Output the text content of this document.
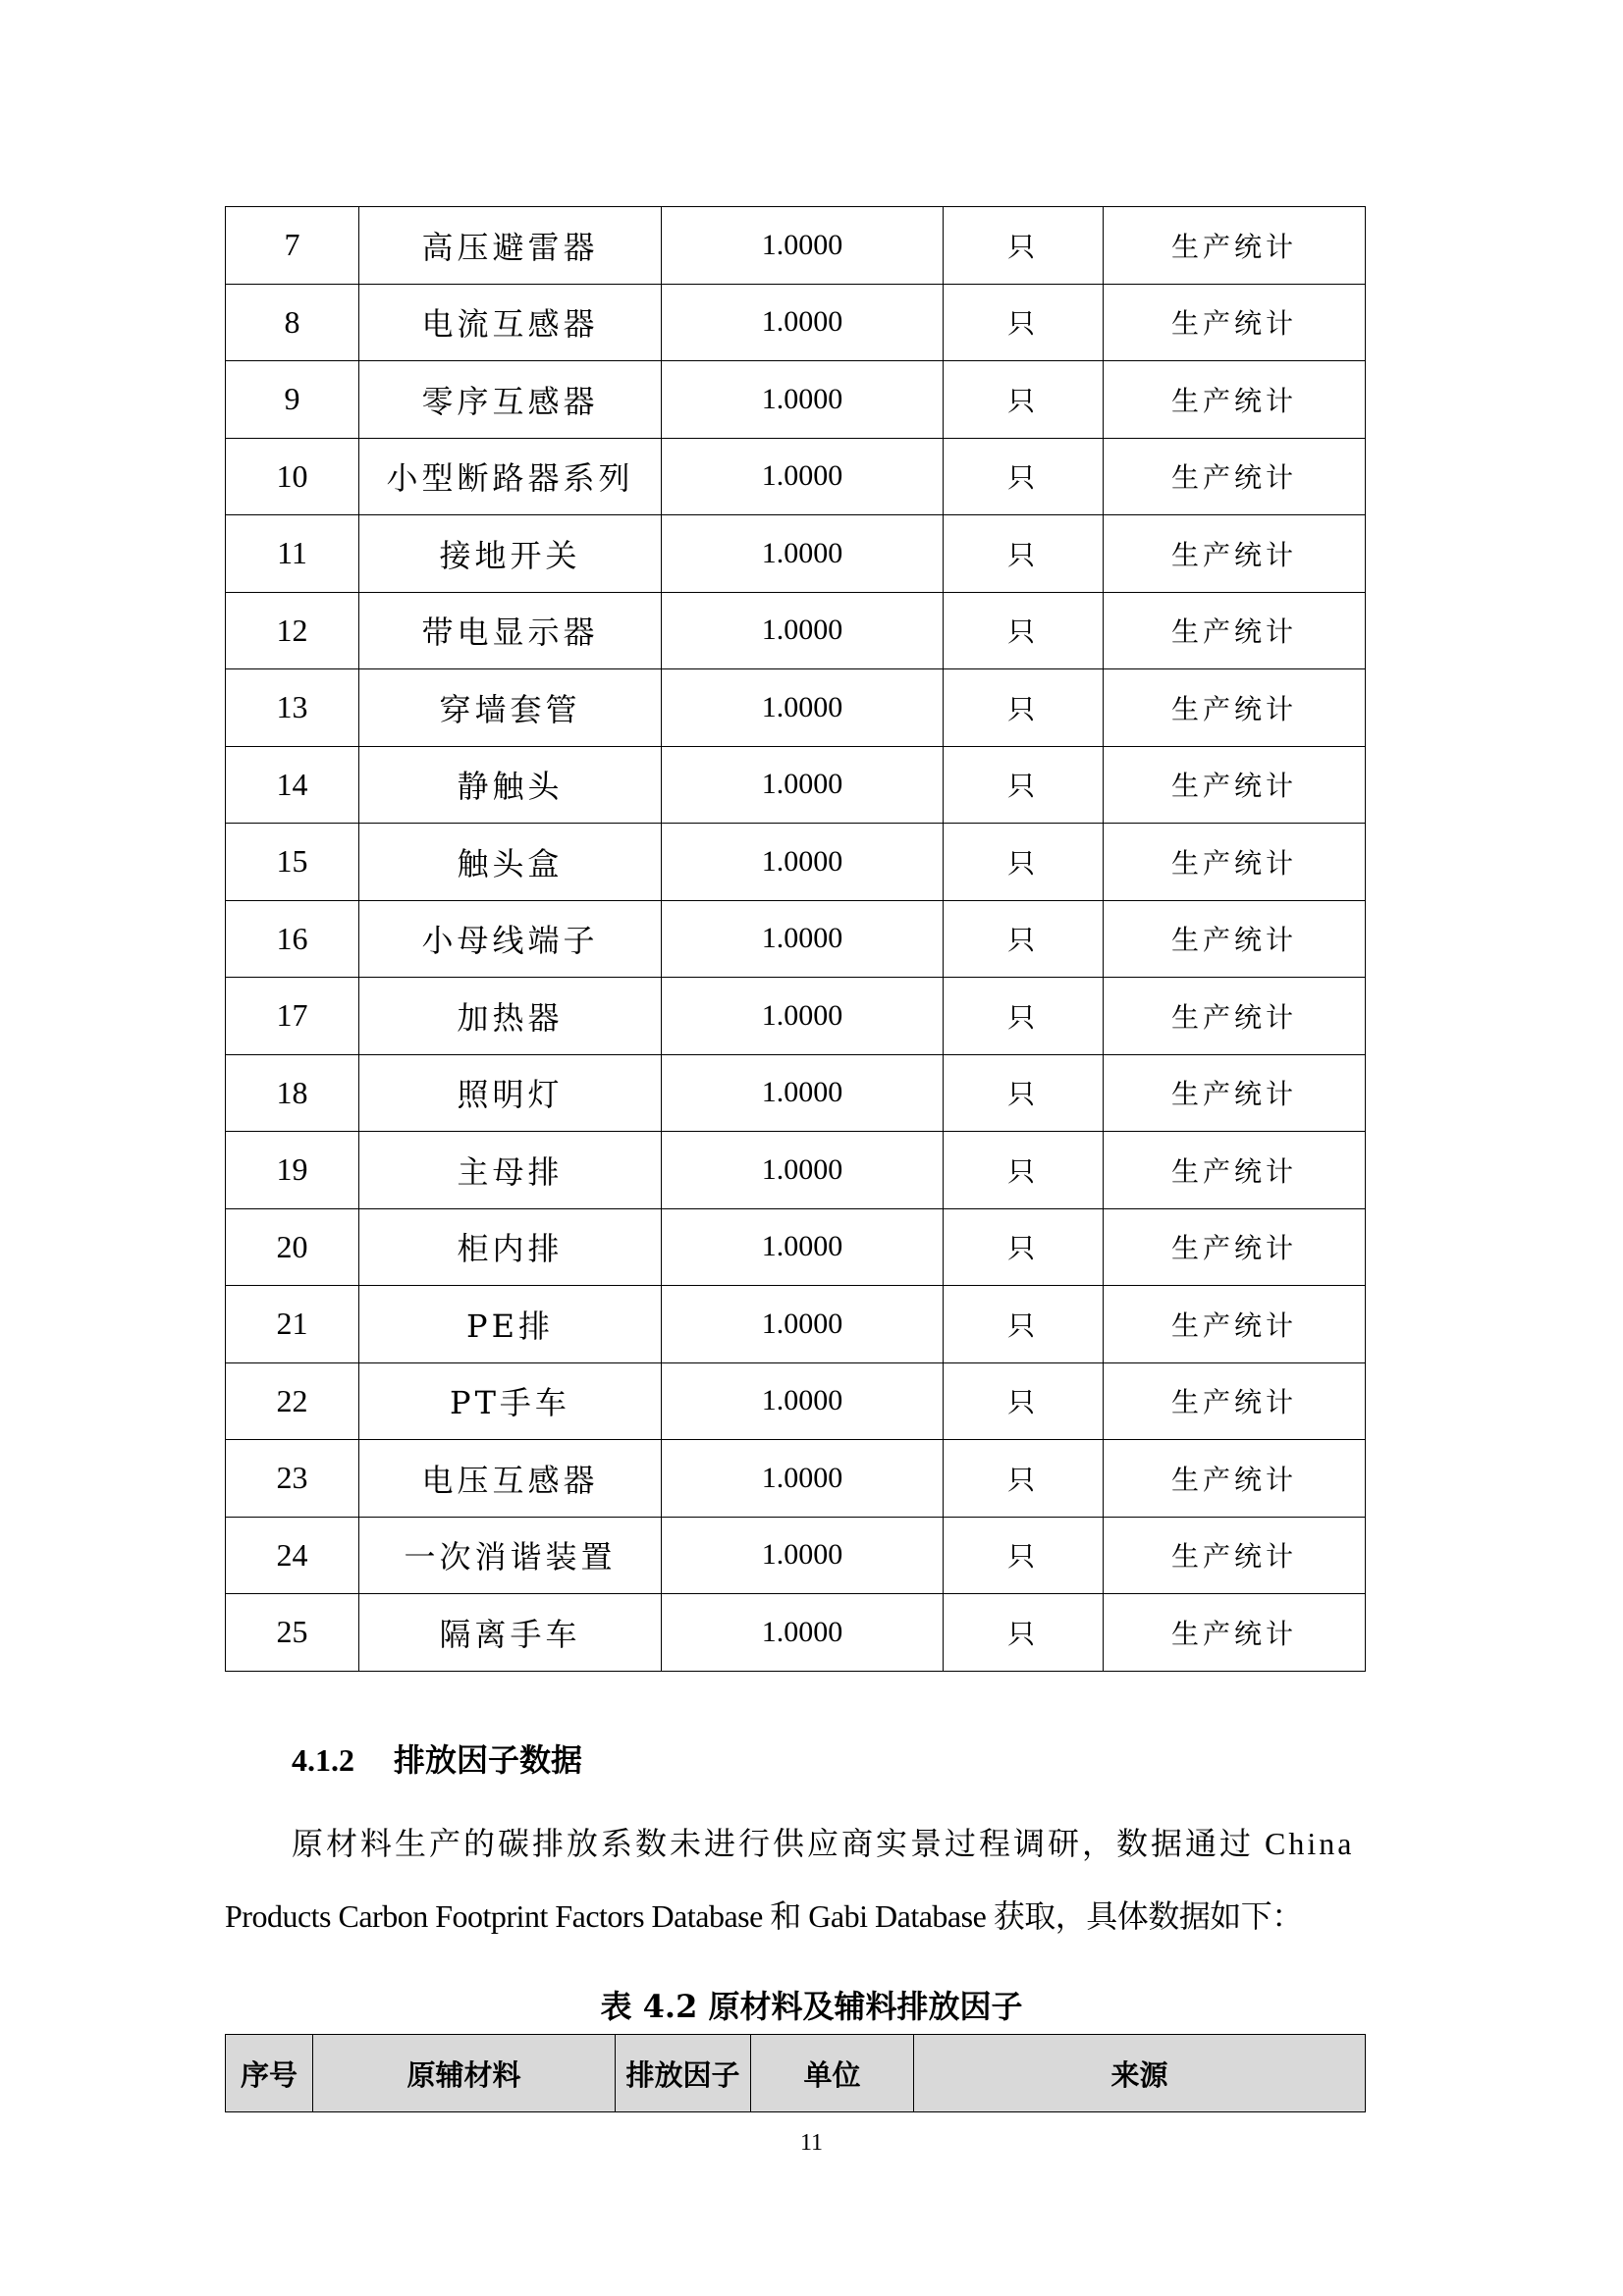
7	高压避雷器	1.0000	只	生产统计
8	电流互感器	1.0000	只	生产统计
9	零序互感器	1.0000	只	生产统计
10	小型断路器系列	1.0000	只	生产统计
11	接地开关	1.0000	只	生产统计
12	带电显示器	1.0000	只	生产统计
13	穿墙套管	1.0000	只	生产统计
14	静触头	1.0000	只	生产统计
15	触头盒	1.0000	只	生产统计
16	小母线端子	1.0000	只	生产统计
17	加热器	1.0000	只	生产统计
18	照明灯	1.0000	只	生产统计
19	主母排	1.0000	只	生产统计
20	柜内排	1.0000	只	生产统计
21	PE排	1.0000	只	生产统计
22	PT手车	1.0000	只	生产统计
23	电压互感器	1.0000	只	生产统计
24	一次消谐装置	1.0000	只	生产统计
25	隔离手车	1.0000	只	生产统计
4.1.2 排放因子数据
原材料生产的碳排放系数未进行供应商实景过程调研，数据通过 China
Products Carbon Footprint Factors Database 和 Gabi Database 获取，具体数据如下：
表 4.2 原材料及辅料排放因子
序号	原辅材料	排放因子	单位	来源
11
